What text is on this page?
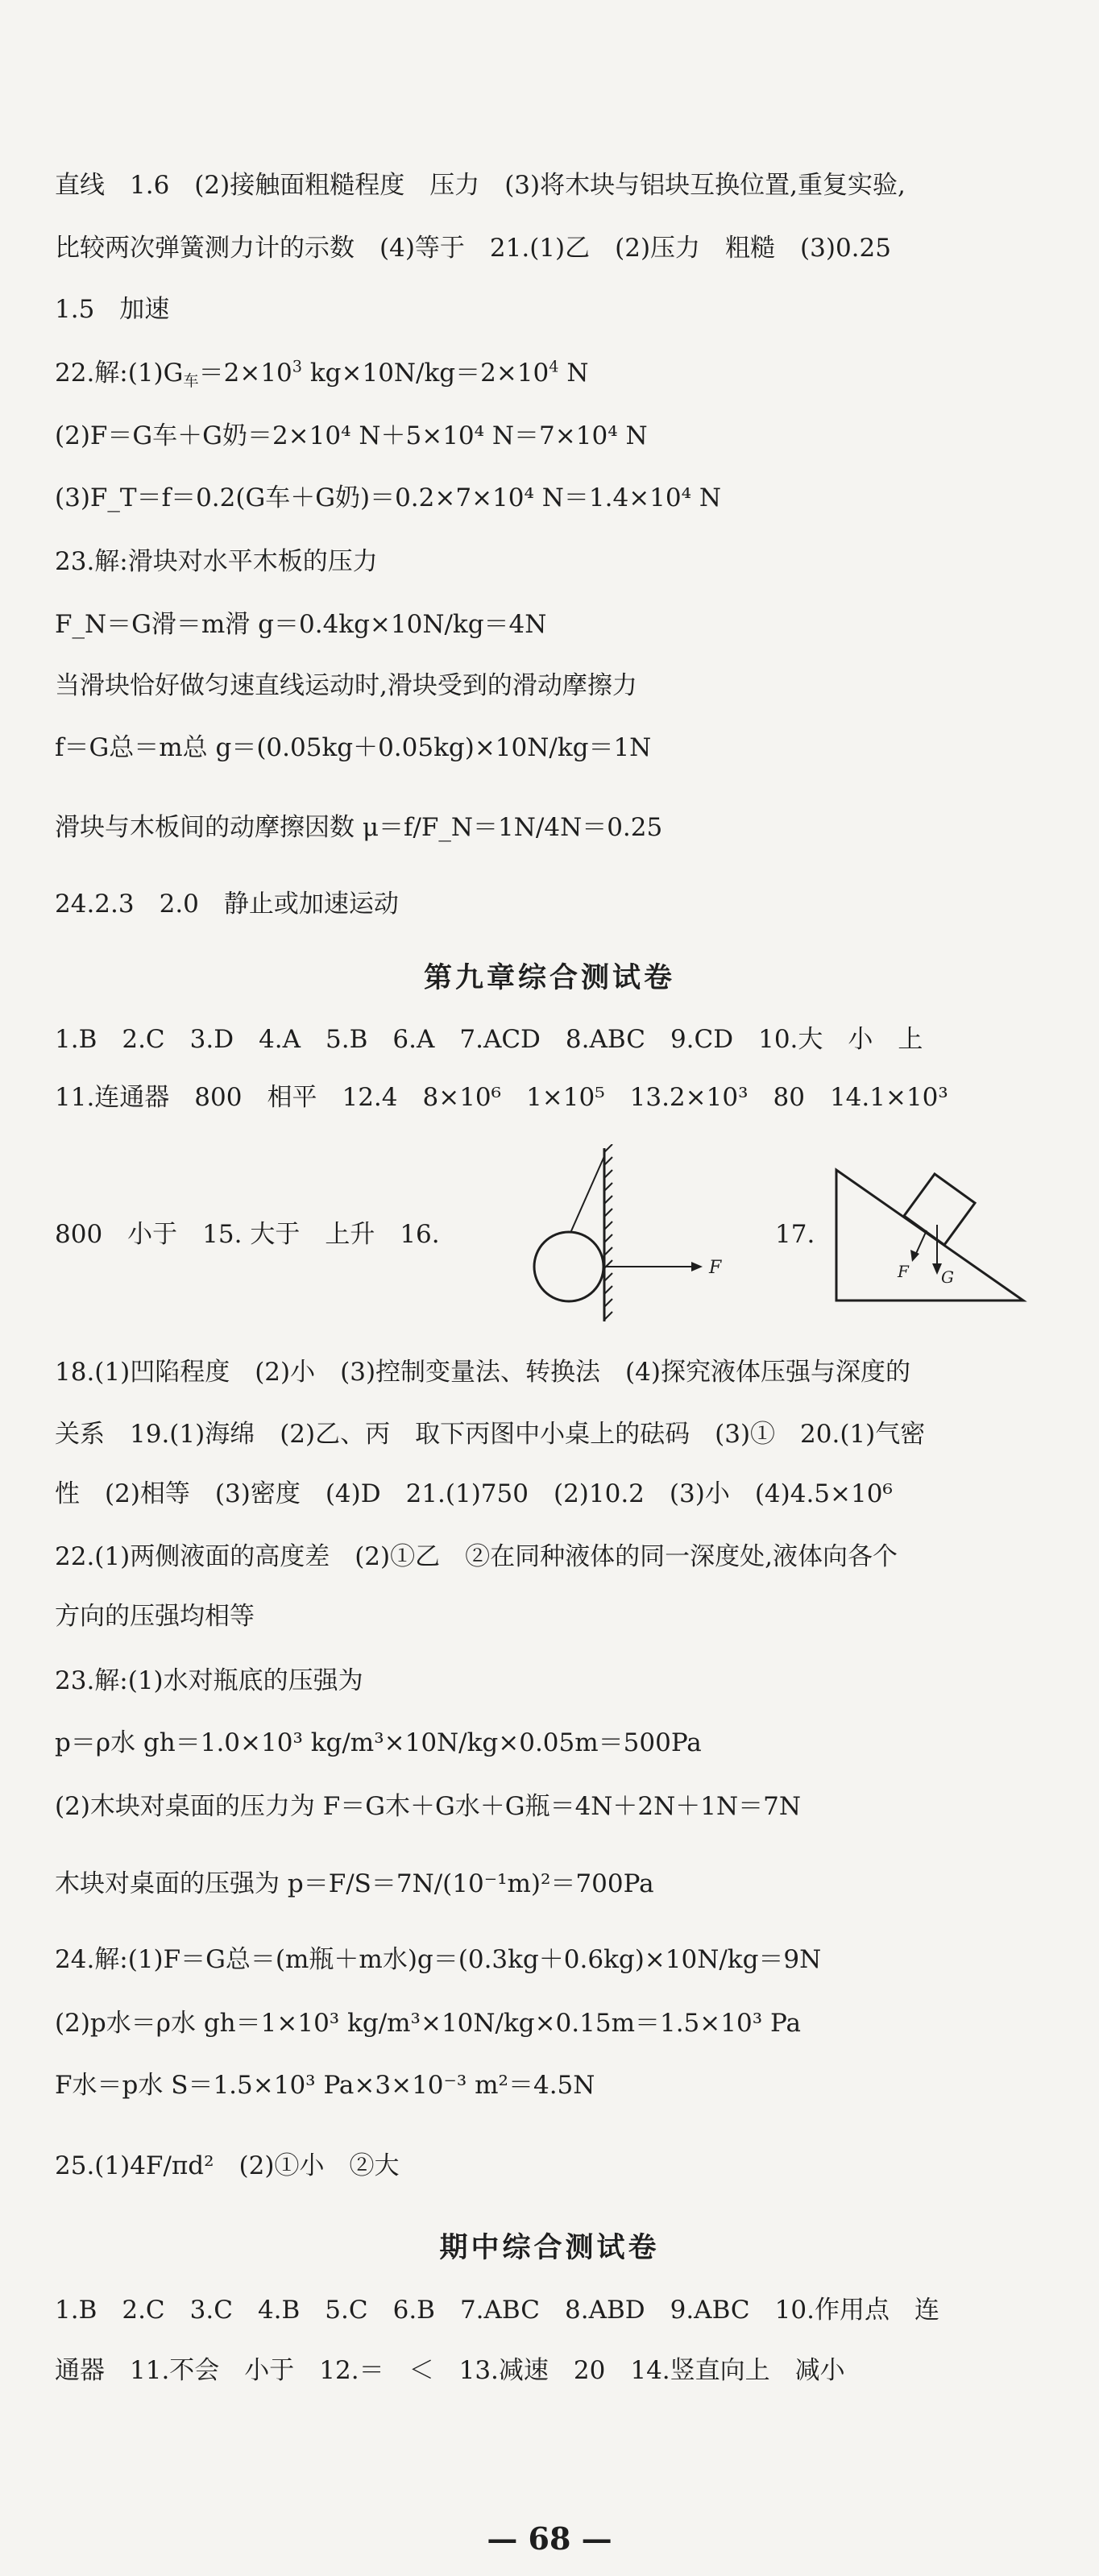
直线　1.6　(2)接触面粗糙程度　压力　(3)将木块与铝块互换位置,重复实验,
比较两次弹簧测力计的示数　(4)等于　21.(1)乙　(2)压力　粗糙　(3)0.25
1.5　加速
22.解$:(1)G_车=2\times 10^3$ $kg\times 10N/kg=2\times 10^4$ N
(2)F＝G车＋G奶＝2×10⁴ N＋5×10⁴ N＝7×10⁴ N
(3)F_T＝f＝0.2(G车＋G奶)＝0.2×7×10⁴ N＝1.4×10⁴ N
23.解:滑块对水平木板的压力
F_N＝G滑＝m滑 g＝0.4kg×10N/kg＝4N
当滑块恰好做匀速直线运动时,滑块受到的滑动摩擦力
f＝G总＝m总 g＝(0.05kg＋0.05kg)×10N/kg＝1N
滑块与木板间的动摩擦因数 μ＝f/F_N＝1N/4N＝0.25
24.2.3　2.0　静止或加速运动
第九章综合测试卷
1.B　2.C　3.D　4.A　5.B　6.A　7.ACD　8.ABC　9.CD　10.大　小　上
11.连通器　800　相平　12.4　8×10⁶　1×10⁵　13.2×10³　80　14.1×10³
800　小于　15. 大于　上升　16.	17.
F	G
F
18.(1)凹陷程度　(2)小　(3)控制变量法、转换法　(4)探究液体压强与深度的
关系　19.(1)海绵　(2)乙、丙　取下丙图中小桌上的砝码　(3)①　20.(1)气密
性　(2)相等　(3)密度　(4)D　21.(1)750　(2)10.2　(3)小　(4)4.5×10⁶
22.(1)两侧液面的高度差　(2)①乙　②在同种液体的同一深度处,液体向各个
方向的压强均相等
23.解:(1)水对瓶底的压强为
p＝ρ水 gh＝1.0×10³ kg/m³×10N/kg×0.05m＝500Pa
(2)木块对桌面的压力为 F＝G木＋G水＋G瓶＝4N＋2N＋1N＝7N
木块对桌面的压强为 p＝F/S＝7N/(10⁻¹m)²＝700Pa
24.解:(1)F＝G总＝(m瓶＋m水)g＝(0.3kg＋0.6kg)×10N/kg＝9N
(2)p水＝ρ水 gh＝1×10³ kg/m³×10N/kg×0.15m＝1.5×10³ Pa
F水＝p水 S＝1.5×10³ Pa×3×10⁻³ m²＝4.5N
25.(1)4F/πd²　(2)①小　②大
期中综合测试卷
1.B　2.C　3.C　4.B　5.C　6.B　7.ABC　8.ABD　9.ABC　10.作用点　连
通器　11.不会　小于　12.＝　＜　13.减速　20　14.竖直向上　减小
— 68 —
